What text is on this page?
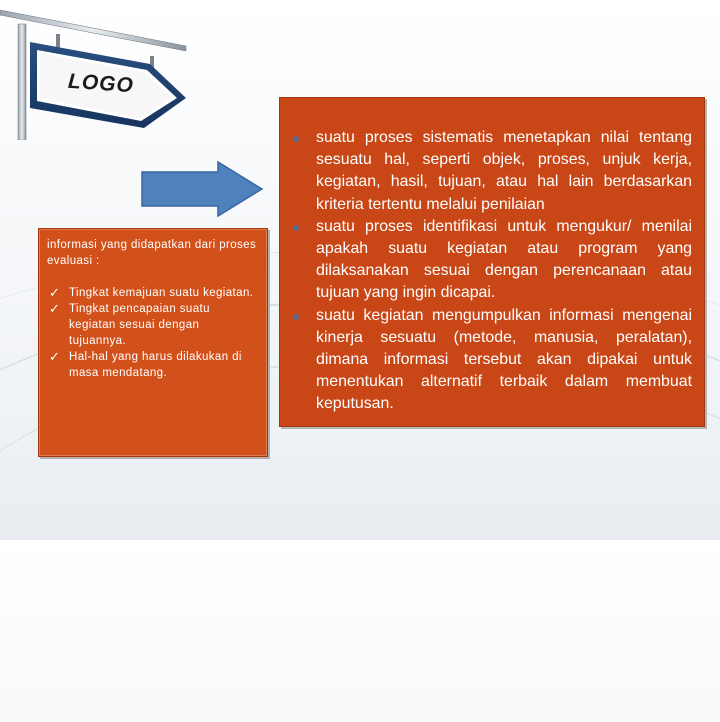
LOGO

informasi yang didapatkan dari proses evaluasi :

✓ Tingkat kemajuan suatu kegiatan.
✓ Tingkat pencapaian suatu kegiatan sesuai dengan tujuannya.
✓ Hal-hal yang harus dilakukan di masa mendatang.
■ suatu proses sistematis menetapkan nilai tentang sesuatu hal, seperti objek, proses, unjuk kerja, kegiatan, hasil, tujuan, atau hal lain berdasarkan kriteria tertentu melalui penilaian
■ suatu proses identifikasi untuk mengukur/ menilai apakah suatu kegiatan atau program yang dilaksanakan sesuai dengan perencanaan atau tujuan yang ingin dicapai.
■ suatu kegiatan mengumpulkan informasi mengenai kinerja sesuatu (metode, manusia, peralatan), dimana informasi tersebut akan dipakai untuk menentukan alternatif terbaik dalam membuat keputusan.
